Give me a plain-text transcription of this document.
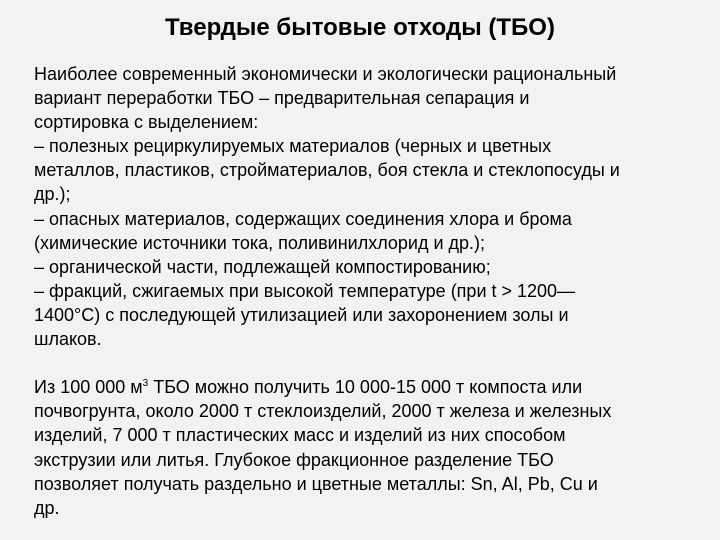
Твердые бытовые отходы (ТБО)
Наиболее современный экономически и экологически рациональный
вариант переработки ТБО – предварительная сепарация и
сортировка с выделением:
– полезных рециркулируемых материалов (черных и цветных
металлов, пластиков, стройматериалов, боя стекла и стеклопосуды и
др.);
– опасных материалов, содержащих соединения хлора и брома
(химические источники тока, поливинилхлорид и др.);
– органической части, подлежащей компостированию;
– фракций, сжигаемых при высокой температуре (при t > 1200—
1400°С) с последующей утилизацией или захоронением золы и
шлаков.
Из 100 000 $м^3$ ТБО можно получить 10 000-15 000 т компоста или
почвогрунта, около 2000 т стеклоизделий, 2000 т железа и железных
изделий, 7 000 т пластических масс и изделий из них способом
экструзии или литья. Глубокое фракционное разделение ТБО
позволяет получать раздельно и цветные металлы: Sn, Al, Pb, Cu и
др.
